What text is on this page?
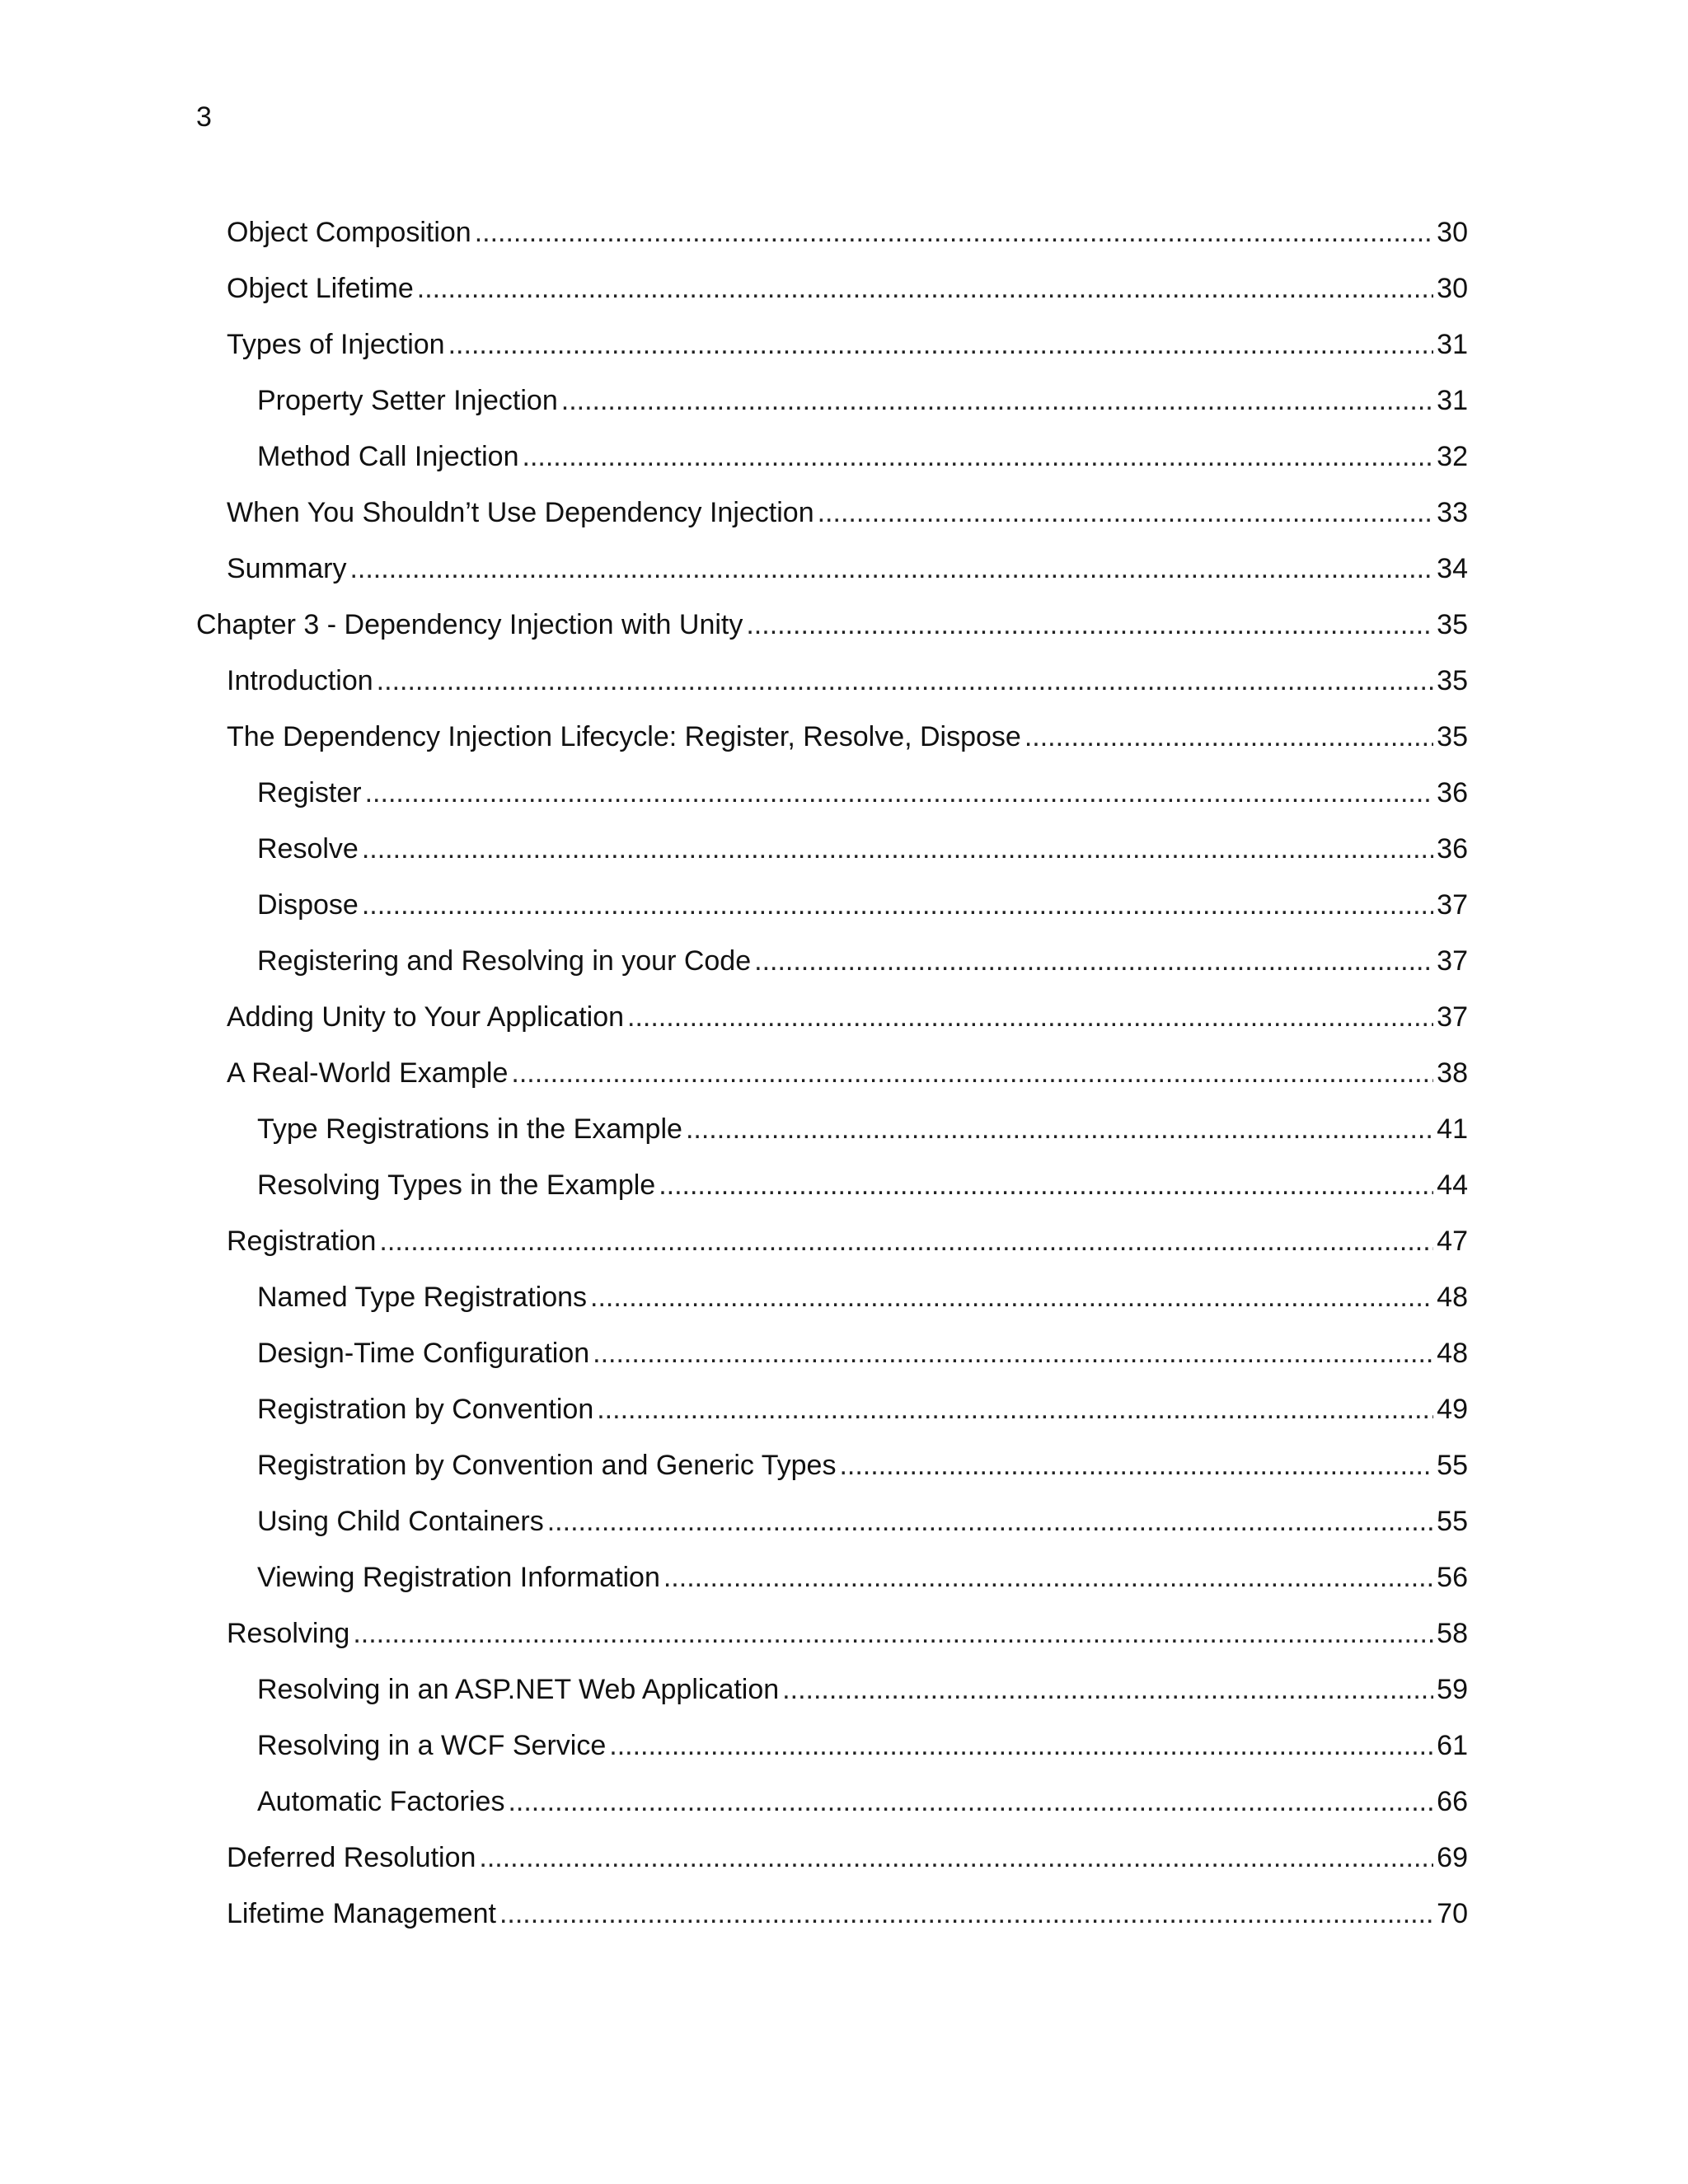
3
Object Composition .....	30
Object Lifetime .....	30
Types of Injection .....	31
Property Setter Injection .....	31
Method Call Injection .....	32
When You Shouldn’t Use Dependency Injection .....	33
Summary .....	34
Chapter 3 - Dependency Injection with Unity .....	35
Introduction .....	35
The Dependency Injection Lifecycle: Register, Resolve, Dispose .....	35
Register .....	36
Resolve .....	36
Dispose .....	37
Registering and Resolving in your Code .....	37
Adding Unity to Your Application .....	37
A Real-World Example .....	38
Type Registrations in the Example .....	41
Resolving Types in the Example .....	44
Registration .....	47
Named Type Registrations .....	48
Design-Time Configuration .....	48
Registration by Convention .....	49
Registration by Convention and Generic Types .....	55
Using Child Containers .....	55
Viewing Registration Information .....	56
Resolving .....	58
Resolving in an ASP.NET Web Application .....	59
Resolving in a WCF Service .....	61
Automatic Factories .....	66
Deferred Resolution .....	69
Lifetime Management .....	70
